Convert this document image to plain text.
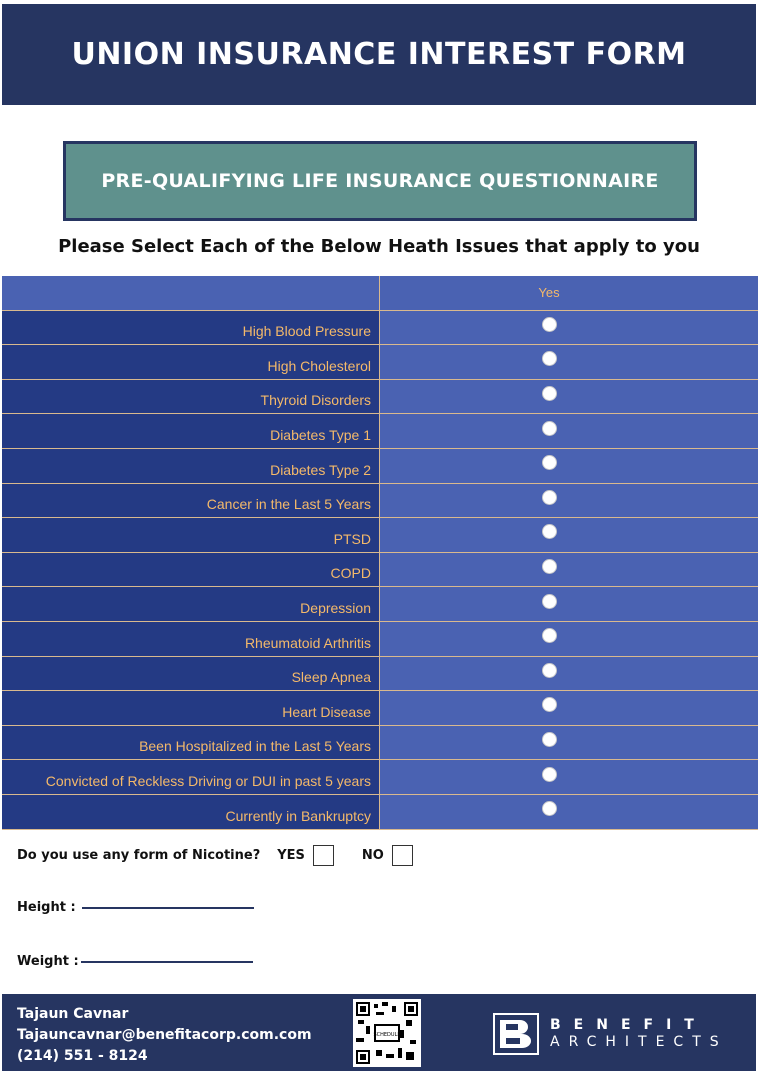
UNION INSURANCE INTEREST FORM
PRE-QUALIFYING LIFE INSURANCE QUESTIONNAIRE
Please Select Each of the Below Heath Issues that apply to you
Yes
High Blood Pressure
High Cholesterol
Thyroid Disorders
Diabetes Type 1
Diabetes Type 2
Cancer in the Last 5 Years
PTSD
COPD
Depression
Rheumatoid Arthritis
Sleep Apnea
Heart Disease
Been Hospitalized in the Last 5 Years
Convicted of Reckless Driving or DUI in past 5 years
Currently in Bankruptcy
Do you use any form of Nicotine? YES	NO
Height :
Weight :
Tajaun Cavnar
Tajauncavnar@benefitacorp.com.com
(214) 551 - 8124
SCHEDULE
BENEFIT
ARCHITECTS
